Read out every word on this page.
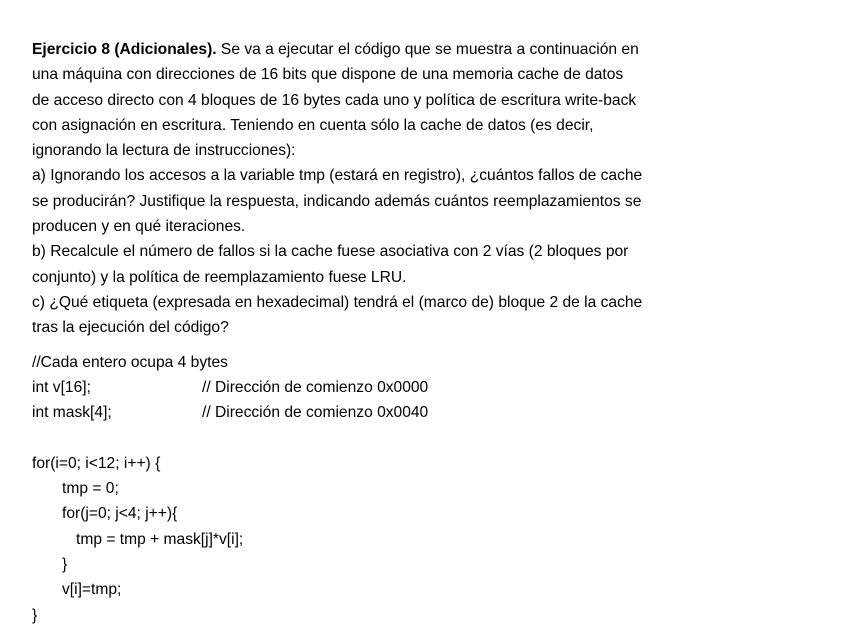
Ejercicio 8 (Adicionales). Se va a ejecutar el código que se muestra a continuación en
una máquina con direcciones de 16 bits que dispone de una memoria cache de datos
de acceso directo con 4 bloques de 16 bytes cada uno y política de escritura write-back
con asignación en escritura. Teniendo en cuenta sólo la cache de datos (es decir,
ignorando la lectura de instrucciones):
a) Ignorando los accesos a la variable tmp (estará en registro), ¿cuántos fallos de cache
se producirán? Justifique la respuesta, indicando además cuántos reemplazamientos se
producen y en qué iteraciones.
b) Recalcule el número de fallos si la cache fuese asociativa con 2 vías (2 bloques por
conjunto) y la política de reemplazamiento fuese LRU.
c) ¿Qué etiqueta (expresada en hexadecimal) tendrá el (marco de) bloque 2 de la cache
tras la ejecución del código?
//Cada entero ocupa 4 bytes
int v[16];	// Dirección de comienzo 0x0000
int mask[4];	// Dirección de comienzo 0x0040
for(i=0; i<12; i++) {
tmp = 0;
for(j=0; j<4; j++){
tmp = tmp + mask[j]*v[i];
}
v[i]=tmp;
}
